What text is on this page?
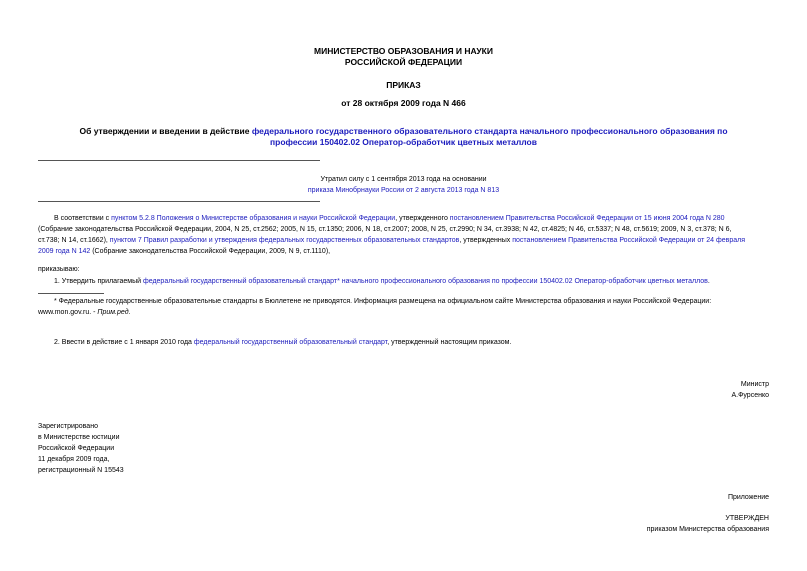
МИНИСТЕРСТВО ОБРАЗОВАНИЯ И НАУКИ
РОССИЙСКОЙ ФЕДЕРАЦИИ
ПРИКАЗ
от 28 октября 2009 года N 466
Об утверждении и введении в действие федерального государственного образовательного стандарта начального профессионального образования по
профессии 150402.02 Оператор-обработчик цветных металлов
Утратил силу с 1 сентября 2013 года на основании
приказа Минобрнауки России от 2 августа 2013 года N 813
В соответствии с пунктом 5.2.8 Положения о Министерстве образования и науки Российской Федерации, утвержденного постановлением Правительства Российской Федерации от 15 июня 2004 года N 280
(Собрание законодательства Российской Федерации, 2004, N 25, ст.2562; 2005, N 15, ст.1350; 2006, N 18, ст.2007; 2008, N 25, ст.2990; N 34, ст.3938; N 42, ст.4825; N 46, ст.5337; N 48, ст.5619; 2009, N 3, ст.378; N 6,
ст.738; N 14, ст.1662), пунктом 7 Правил разработки и утверждения федеральных государственных образовательных стандартов, утвержденных постановлением Правительства Российской Федерации от 24 февраля
2009 года N 142 (Собрание законодательства Российской Федерации, 2009, N 9, ст.1110),
приказываю:
1. Утвердить прилагаемый федеральный государственный образовательный стандарт* начального профессионального образования по профессии 150402.02 Оператор-обработчик цветных металлов.
* Федеральные государственные образовательные стандарты в Бюллетене не приводятся. Информация размещена на официальном сайте Министерства образования и науки Российской Федерации:
www.mon.gov.ru. - Прим.ред.
2. Ввести в действие с 1 января 2010 года федеральный государственный образовательный стандарт, утвержденный настоящим приказом.
Министр
А.Фурсенко
Зарегистрировано
в Министерстве юстиции
Российской Федерации
11 декабря 2009 года,
регистрационный N 15543
Приложение
УТВЕРЖДЕН
приказом Министерства образования
